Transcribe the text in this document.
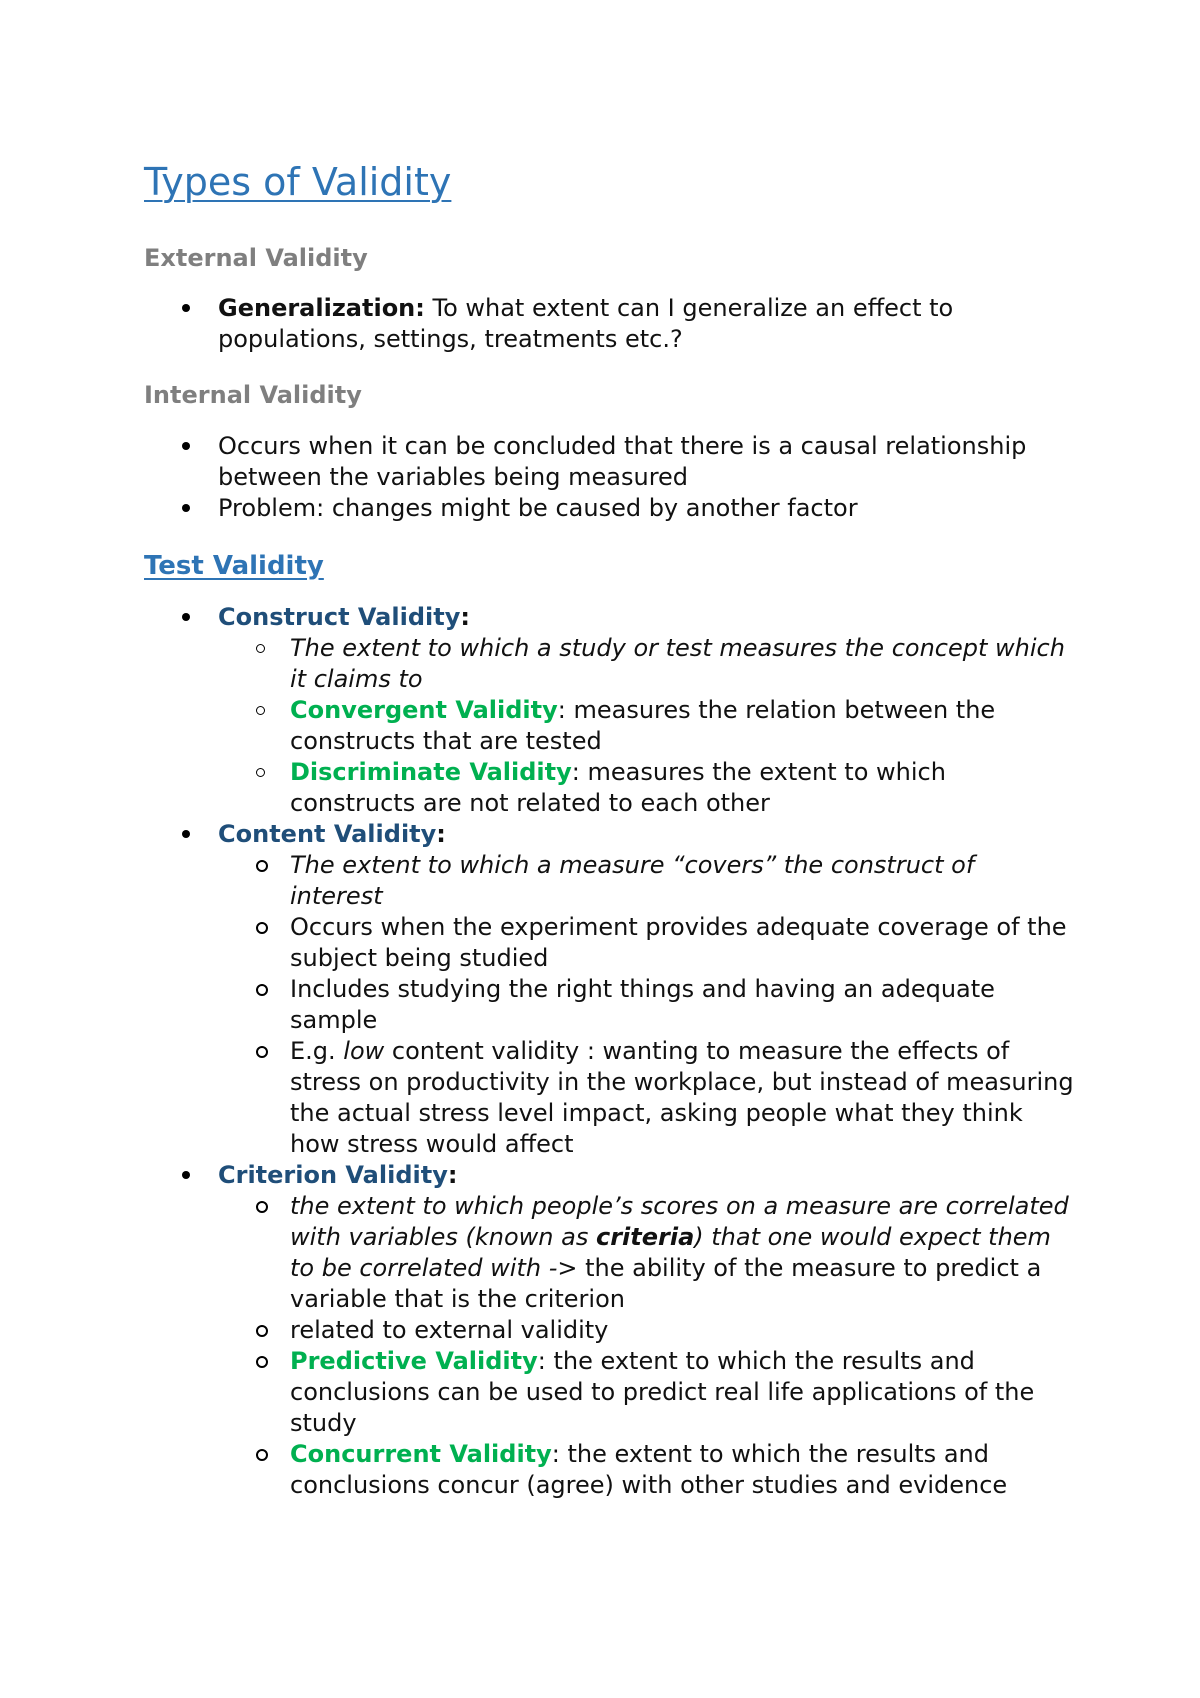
Types of Validity
External Validity
Generalization: To what extent can I generalize an effect to populations, settings, treatments etc.?
Internal Validity
Occurs when it can be concluded that there is a causal relationship between the variables being measured
Problem: changes might be caused by another factor
Test Validity
Construct Validity:
The extent to which a study or test measures the concept which it claims to
Convergent Validity: measures the relation between the constructs that are tested
Discriminate Validity: measures the extent to which constructs are not related to each other
Content Validity:
The extent to which a measure “covers” the construct of interest
Occurs when the experiment provides adequate coverage of the subject being studied
Includes studying the right things and having an adequate sample
E.g. low content validity : wanting to measure the effects of stress on productivity in the workplace, but instead of measuring the actual stress level impact, asking people what they think how stress would affect
Criterion Validity:
the extent to which people’s scores on a measure are correlated with variables (known as criteria) that one would expect them to be correlated with -> the ability of the measure to predict a variable that is the criterion
related to external validity
Predictive Validity: the extent to which the results and conclusions can be used to predict real life applications of the study
Concurrent Validity: the extent to which the results and conclusions concur (agree) with other studies and evidence
